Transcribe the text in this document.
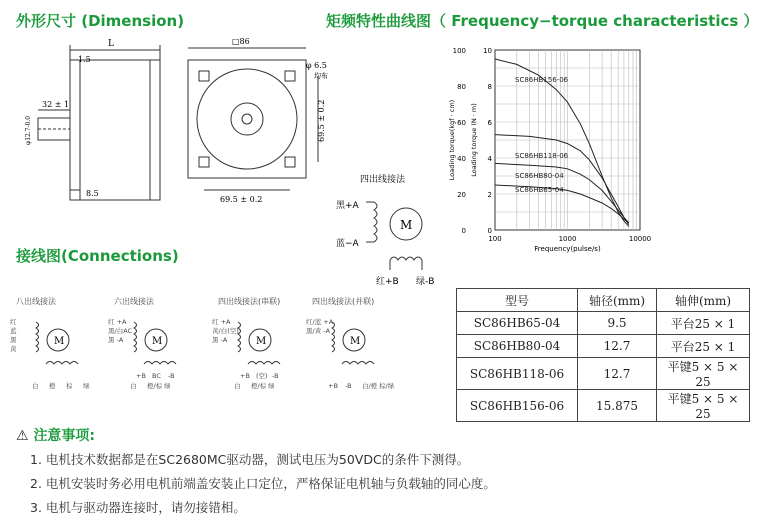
外形尺寸 (Dimension)	矩频特性曲线图（ Frequency−torque characteristics ）
接线图(Connections)
L
1.5
32 ± 1
φ12.7-0.0
8.5
□86
φ 6.5
均布
69.5 ± 0.2
69.5 ± 0.2
四出线接法
M
黑+A
蓝−A
红+B 绿-B
SC86HB156-06
SC86HB118-06
SC86HB80-04
SC86HB65-04
100	1000	10000
0
20
40
60
80
100
0
2
4
6
8
10
Frequency(pulse/s)
Loading torque(kgf · cm) Loading torque (N · m)
八出线接法
M
红
蓝
黑
黄
白 橙 棕 绿
六出线接法
M
红 +A
黑/白AC
黑 -A
+B BC -B
白 橙/棕 绿
四出线接法(串联)
M
红 +A
黄/白(空)
黑 -A
+B (空) -B
白 橙/棕 绿
四出线接法(并联)
M
红/蓝 +A
黑/黄 -A
+B -B 白/橙 棕/绿
型号	轴径(mm)	轴伸(mm)
SC86HB65-04	9.5	平台25 × 1
SC86HB80-04	12.7	平台25 × 1
SC86HB118-06	12.7	平键5 × 5 × 25
SC86HB156-06	15.875	平键5 × 5 × 25
⚠ 注意事项:
1. 电机技术数据都是在SC2680MC驱动器，测试电压为50VDC的条件下测得。
2. 电机安装时务必用电机前端盖安装止口定位，严格保证电机轴与负载轴的同心度。
3. 电机与驱动器连接时，请勿接错相。
